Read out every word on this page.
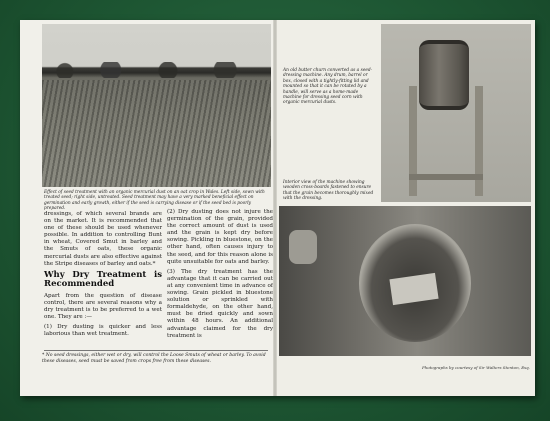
Effect of seed treatment with an organic mercurial dust on an oat crop in Wales. Left side, sown with treated seed; right side, untreated. Seed treatment may have a very marked beneficial effect on germination and early growth, either if the seed is carrying disease or if the seed bed is poorly prepared.

dressings, of which several brands are on the market. It is recommended that one of these should be used whenever possible. In addition to controlling Bunt in wheat, Covered Smut in barley and the Smuts of oats, these organic mercurial dusts are also effective against the Stripe diseases of barley and oats.*

Why Dry Treatment is Recommended

Apart from the question of disease control, there are several reasons why a dry treatment is to be preferred to a wet one. They are :—

(1) Dry dusting is quicker and less laborious than wet treatment.

(2) Dry dusting does not injure the germination of the grain, provided the correct amount of dust is used and the grain is kept dry before sowing. Pickling in bluestone, on the other hand, often causes injury to the seed, and for this reason alone is quite unsuitable for oats and barley.

(3) The dry treatment has the advantage that it can be carried out at any convenient time in advance of sowing. Grain pickled in bluestone solution or sprinkled with formaldehyde, on the other hand, must be dried quickly and sown within 48 hours. An additional advantage claimed for the dry treatment is

* No seed dressings, either wet or dry, will control the Loose Smuts of wheat or barley. To avoid these diseases, seed must be saved from crops free from these diseases.
An old butter churn converted as a seed-dressing machine. Any drum, barrel or box, closed with a tightly-fitting lid and mounted so that it can be rotated by a handle, will serve as a home-made machine for dressing seed corn with organic mercurial dusts.
Interior view of the machine showing wooden cross-boards fastened to ensure that the grain becomes thoroughly mixed with the dressing.
Photographs by courtesy of Sir Walters Stenton, Esq.
